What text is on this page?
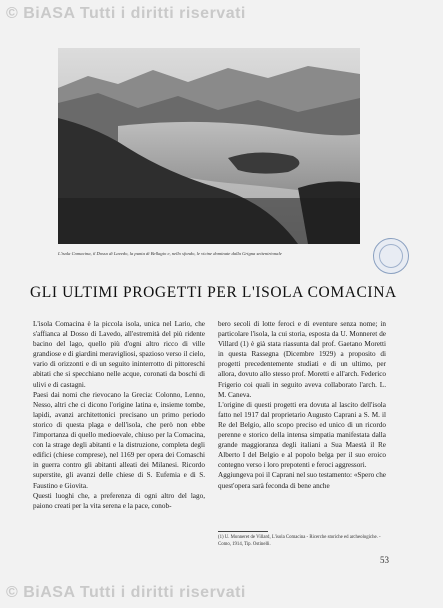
© BiASA Tutti i diritti riservati
L'isola Comacina, il Dosso di Lavedo, la punta di Bellagio e, nello sfondo, le vicine dominate dalla Grigna settentrionale
GLI ULTIMI PROGETTI PER L'ISOLA COMACINA

L'isola Comacina è la piccola isola, unica nel Lario, che s'affianca al Dosso di Lavedo, all'estremità del più ridente bacino del lago, quello più d'ogni altro ricco di ville grandiose e di giardini meravigliosi, spazioso verso il cielo, vario di orizzonti e di un seguito ininterrotto di pittoreschi abitati che si specchiano nelle acque, coronati da boschi di ulivi e di castagni.

Paesi dai nomi che rievocano la Grecia: Colonno, Lenno, Nesso, altri che ci dicono l'origine latina e, insieme tombe, lapidi, avanzi architettonici precisano un primo periodo storico di questa plaga e dell'isola, che però non ebbe l'importanza di quello medioevale, chiuso per la Comacina, con la strage degli abitanti e la distruzione, completa degli edifici (chiese comprese), nel 1169 per opera dei Comaschi in guerra contro gli abitanti alleati dei Milanesi. Ricordo superstite, gli avanzi delle chiese di S. Eufemia e di S. Faustino e Giovita.

Questi luoghi che, a preferenza di ogni altro del lago, paiono creati per la vita serena e la pace, conob-

bero secoli di lotte feroci e di eventure senza nome; in particolare l'isola, la cui storia, esposta da U. Monneret de Villard (1) è già stata riassunta dal prof. Gaetano Moretti in questa Rassegna (Dicembre 1929) a proposito di progetti precedentemente studiati e di un ultimo, per allora, dovuto allo stesso prof. Moretti e all'arch. Federico Frigerio coi quali in seguito aveva collaborato l'arch. L. M. Caneva.

L'origine di questi progetti era dovuta al lascito dell'isola fatto nel 1917 dal proprietario Augusto Caprani a S. M. il Re del Belgio, allo scopo preciso ed unico di un ricordo perenne e storico della intensa simpatia manifestata dalla grande maggioranza degli italiani a Sua Maestà il Re Alberto I del Belgio e al popolo belga per il suo eroico contegno verso i loro prepotenti e feroci aggressori.

Aggiungeva poi il Caprani nel suo testamento: «Spero che quest'opera sarà feconda di bene anche

(1) U. Monneret de Villard, L'isola Comacina - Ricerche storiche ed archeologiche. - Como, 1914, Tip. Ostinelli.
53
© BiASA Tutti i diritti riservati
